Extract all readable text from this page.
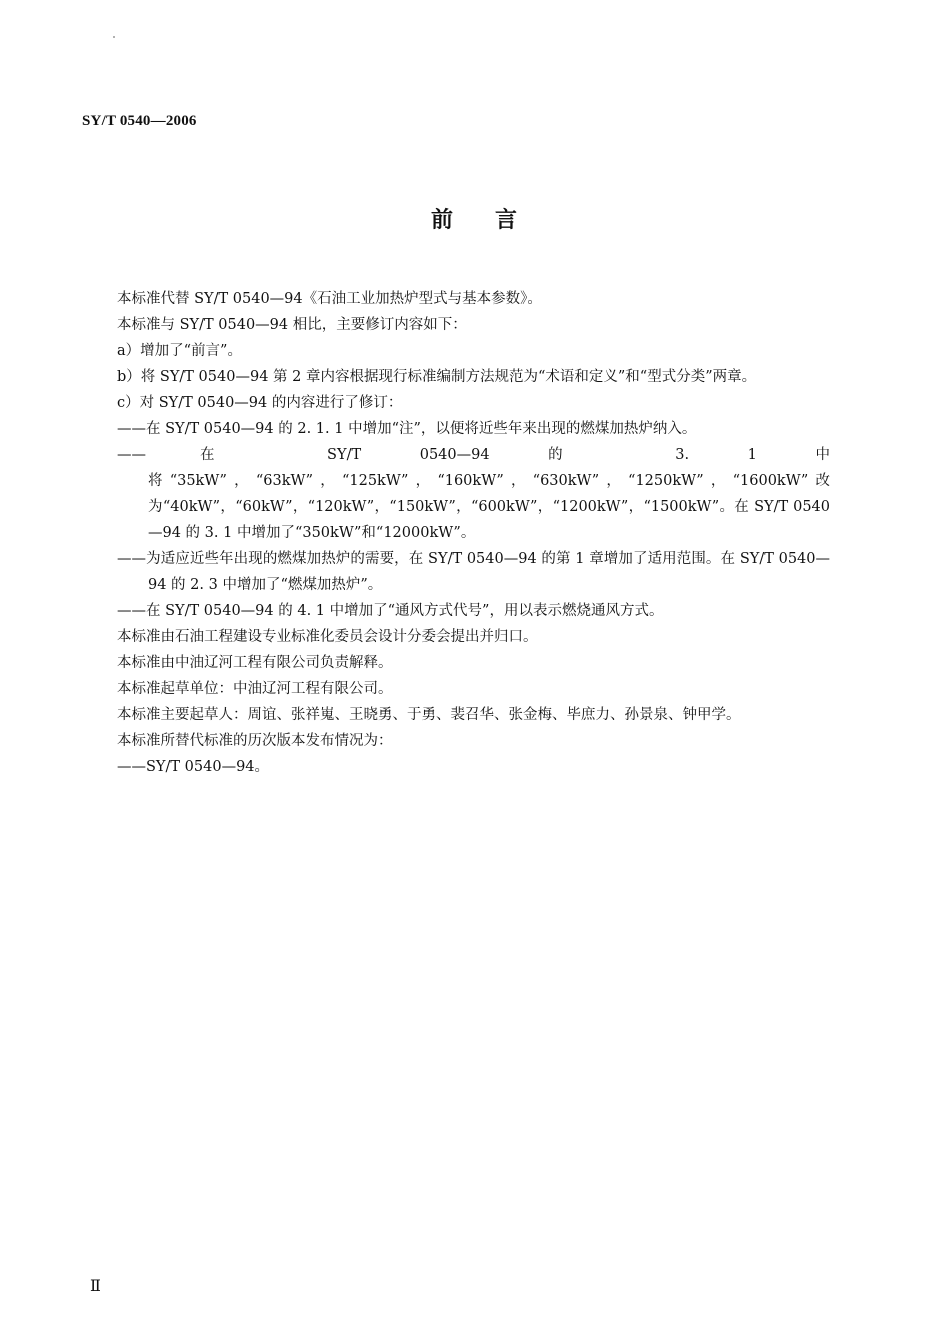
SY/T 0540—2006
前 言

本标准代替 SY/T 0540—94《石油工业加热炉型式与基本参数》。

本标准与 SY/T 0540—94 相比，主要修订内容如下：

a）增加了“前言”。

b）将 SY/T 0540—94 第 2 章内容根据现行标准编制方法规范为“术语和定义”和“型式分类”两章。

c）对 SY/T 0540—94 的内容进行了修订：

——在 SY/T 0540—94 的 2. 1. 1 中增加“注”，以便将近些年来出现的燃煤加热炉纳入。

——在 SY/T 0540—94 的 3. 1 中将“35kW”，“63kW”，“125kW”，“160kW”，“630kW”，“1250kW”，“1600kW”改为“40kW”，“60kW”，“120kW”，“150kW”，“600kW”，“1200kW”，“1500kW”。在 SY/T 0540—94 的 3. 1 中增加了“350kW”和“12000kW”。

——为适应近些年出现的燃煤加热炉的需要，在 SY/T 0540—94 的第 1 章增加了适用范围。在 SY/T 0540—94 的 2. 3 中增加了“燃煤加热炉”。

——在 SY/T 0540—94 的 4. 1 中增加了“通风方式代号”，用以表示燃烧通风方式。

本标准由石油工程建设专业标准化委员会设计分委会提出并归口。

本标准由中油辽河工程有限公司负责解释。

本标准起草单位：中油辽河工程有限公司。

本标准主要起草人：周谊、张祥嵬、王晓勇、于勇、裴召华、张金梅、毕庶力、孙景泉、钟甲学。

本标准所替代标准的历次版本发布情况为：

——SY/T 0540—94。

Ⅱ
